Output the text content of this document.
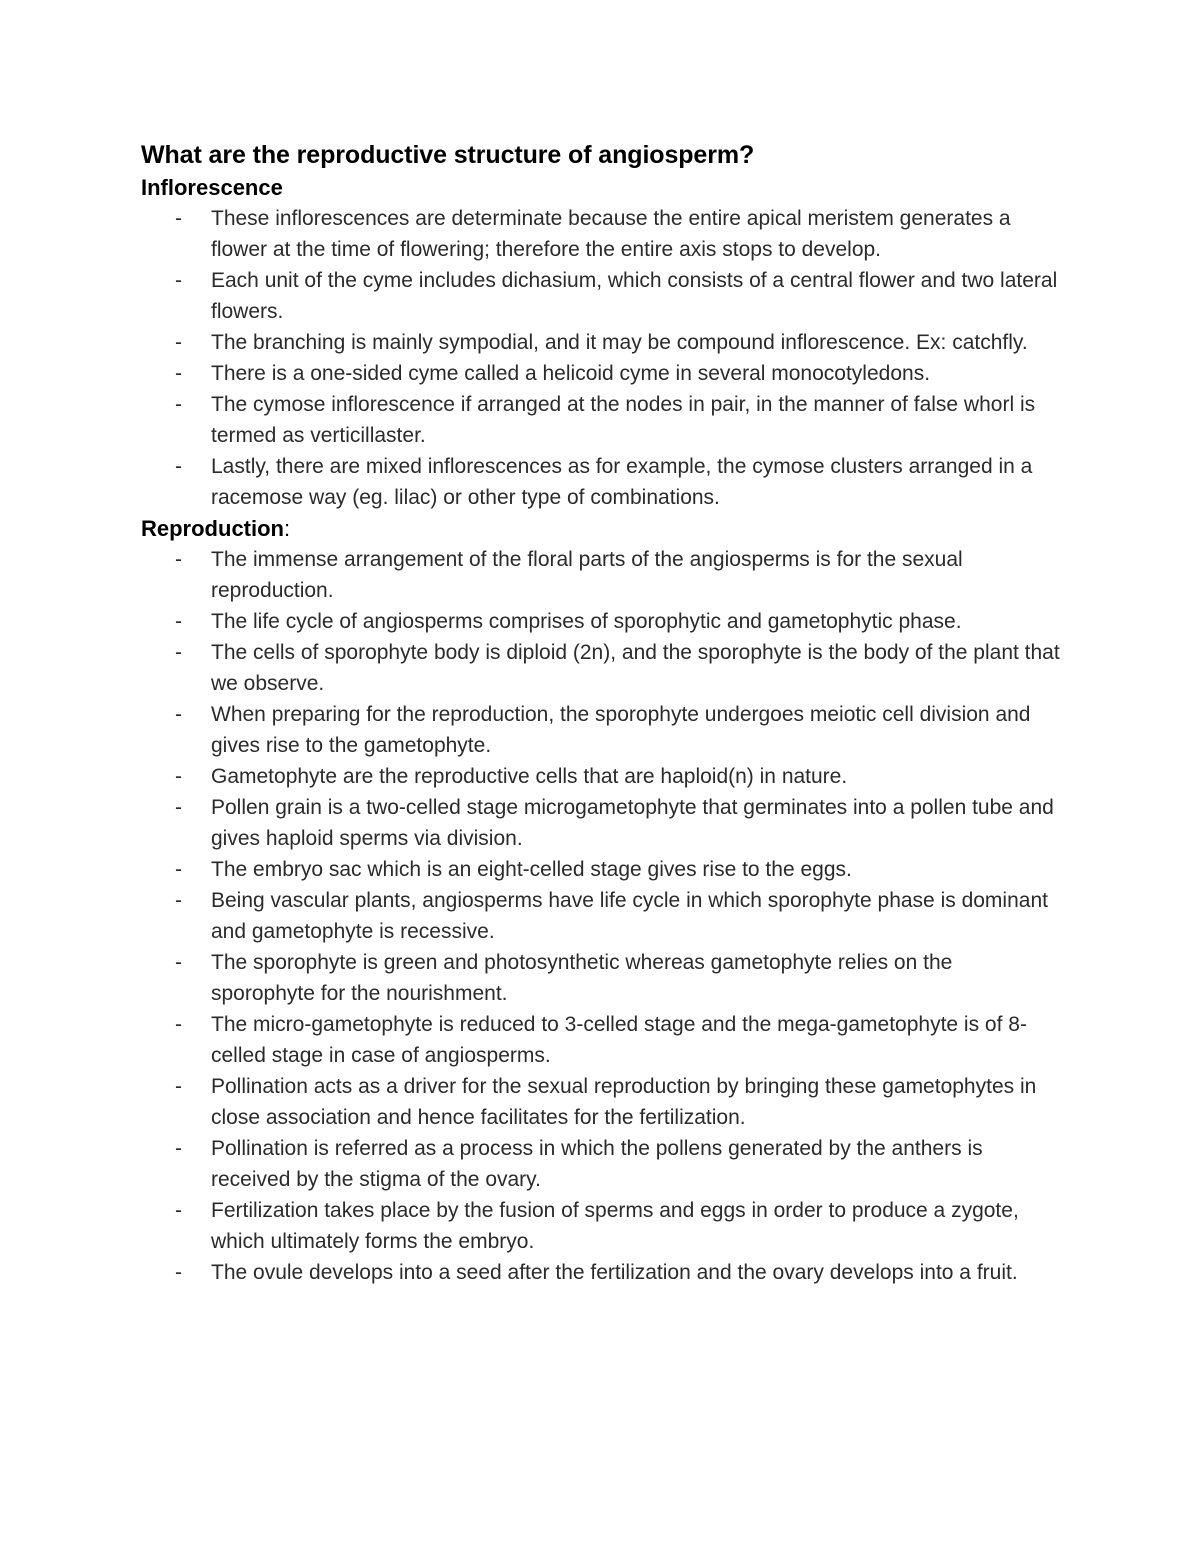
What are the reproductive structure of angiosperm?

Inflorescence

- These inflorescences are determinate because the entire apical meristem generates a flower at the time of flowering; therefore the entire axis stops to develop.
- Each unit of the cyme includes dichasium, which consists of a central flower and two lateral flowers.
- The branching is mainly sympodial, and it may be compound inflorescence. Ex: catchfly.
- There is a one-sided cyme called a helicoid cyme in several monocotyledons.
- The cymose inflorescence if arranged at the nodes in pair, in the manner of false whorl is termed as verticillaster.
- Lastly, there are mixed inflorescences as for example, the cymose clusters arranged in a racemose way (eg. lilac) or other type of combinations.

Reproduction:

- The immense arrangement of the floral parts of the angiosperms is for the sexual reproduction.
- The life cycle of angiosperms comprises of sporophytic and gametophytic phase.
- The cells of sporophyte body is diploid (2n), and the sporophyte is the body of the plant that we observe.
- When preparing for the reproduction, the sporophyte undergoes meiotic cell division and gives rise to the gametophyte.
- Gametophyte are the reproductive cells that are haploid(n) in nature.
- Pollen grain is a two-celled stage microgametophyte that germinates into a pollen tube and gives haploid sperms via division.
- The embryo sac which is an eight-celled stage gives rise to the eggs.
- Being vascular plants, angiosperms have life cycle in which sporophyte phase is dominant and gametophyte is recessive.
- The sporophyte is green and photosynthetic whereas gametophyte relies on the sporophyte for the nourishment.
- The micro-gametophyte is reduced to 3-celled stage and the mega-gametophyte is of 8-celled stage in case of angiosperms.
- Pollination acts as a driver for the sexual reproduction by bringing these gametophytes in close association and hence facilitates for the fertilization.
- Pollination is referred as a process in which the pollens generated by the anthers is received by the stigma of the ovary.
- Fertilization takes place by the fusion of sperms and eggs in order to produce a zygote, which ultimately forms the embryo.
- The ovule develops into a seed after the fertilization and the ovary develops into a fruit.
